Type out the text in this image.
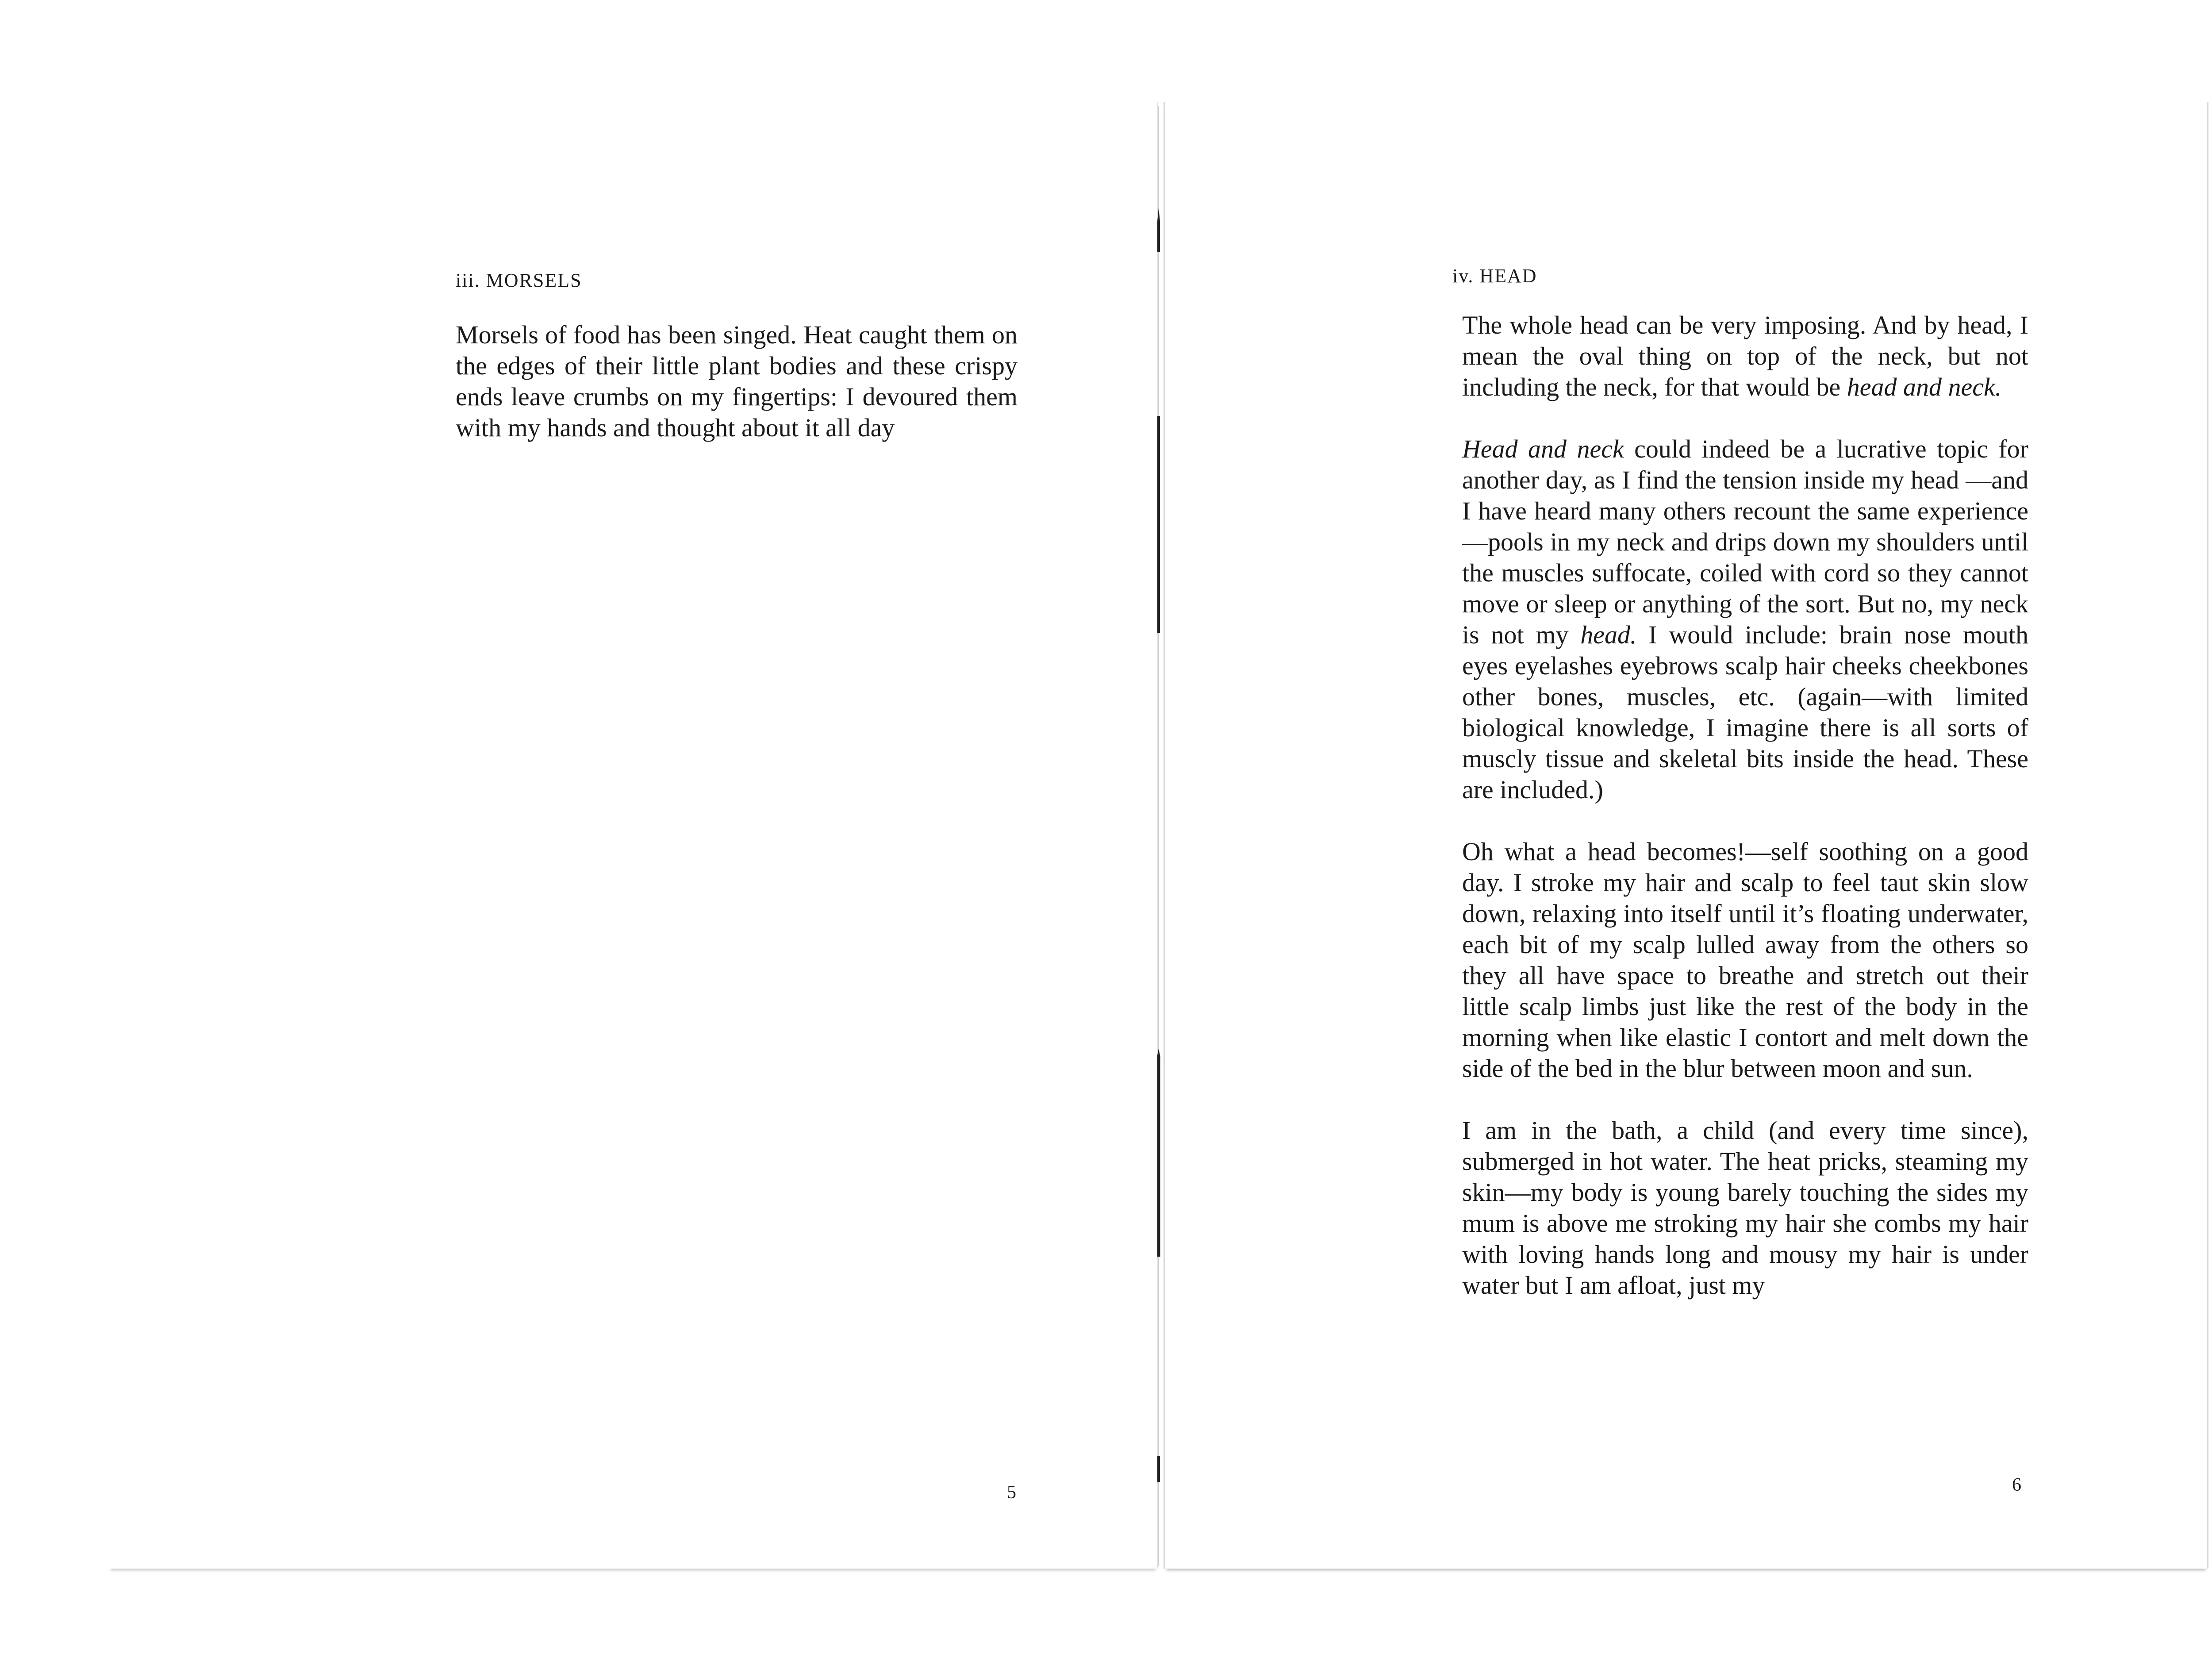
iii. MORSELS

Morsels of food has been singed. Heat caught them on the edges of their little plant bodies and these crispy ends leave crumbs on my fingertips: I devoured them with my hands and thought about it all day

5
iv. HEAD

The whole head can be very imposing. And by head, I mean the oval thing on top of the neck, but not including the neck, for that would be head and neck.

Head and neck could indeed be a lucrative topic for another day, as I find the tension inside my head —and I have heard many others recount the same experience—pools in my neck and drips down my shoulders until the muscles suffocate, coiled with cord so they cannot move or sleep or anything of the sort. But no, my neck is not my head. I would include: brain nose mouth eyes eyelashes eyebrows scalp hair cheeks cheekbones other bones, muscles, etc. (again—with limited biological knowledge, I imagine there is all sorts of muscly tissue and skeletal bits inside the head. These are included.)

Oh what a head becomes!—self soothing on a good day. I stroke my hair and scalp to feel taut skin slow down, relaxing into itself until it’s floating underwater, each bit of my scalp lulled away from the others so they all have space to breathe and stretch out their little scalp limbs just like the rest of the body in the morning when like elastic I contort and melt down the side of the bed in the blur between moon and sun.

I am in the bath, a child (and every time since), submerged in hot water. The heat pricks, steaming my skin—my body is young barely touching the sides my mum is above me stroking my hair she combs my hair with loving hands long and mousy my hair is under water but I am afloat, just my

6
